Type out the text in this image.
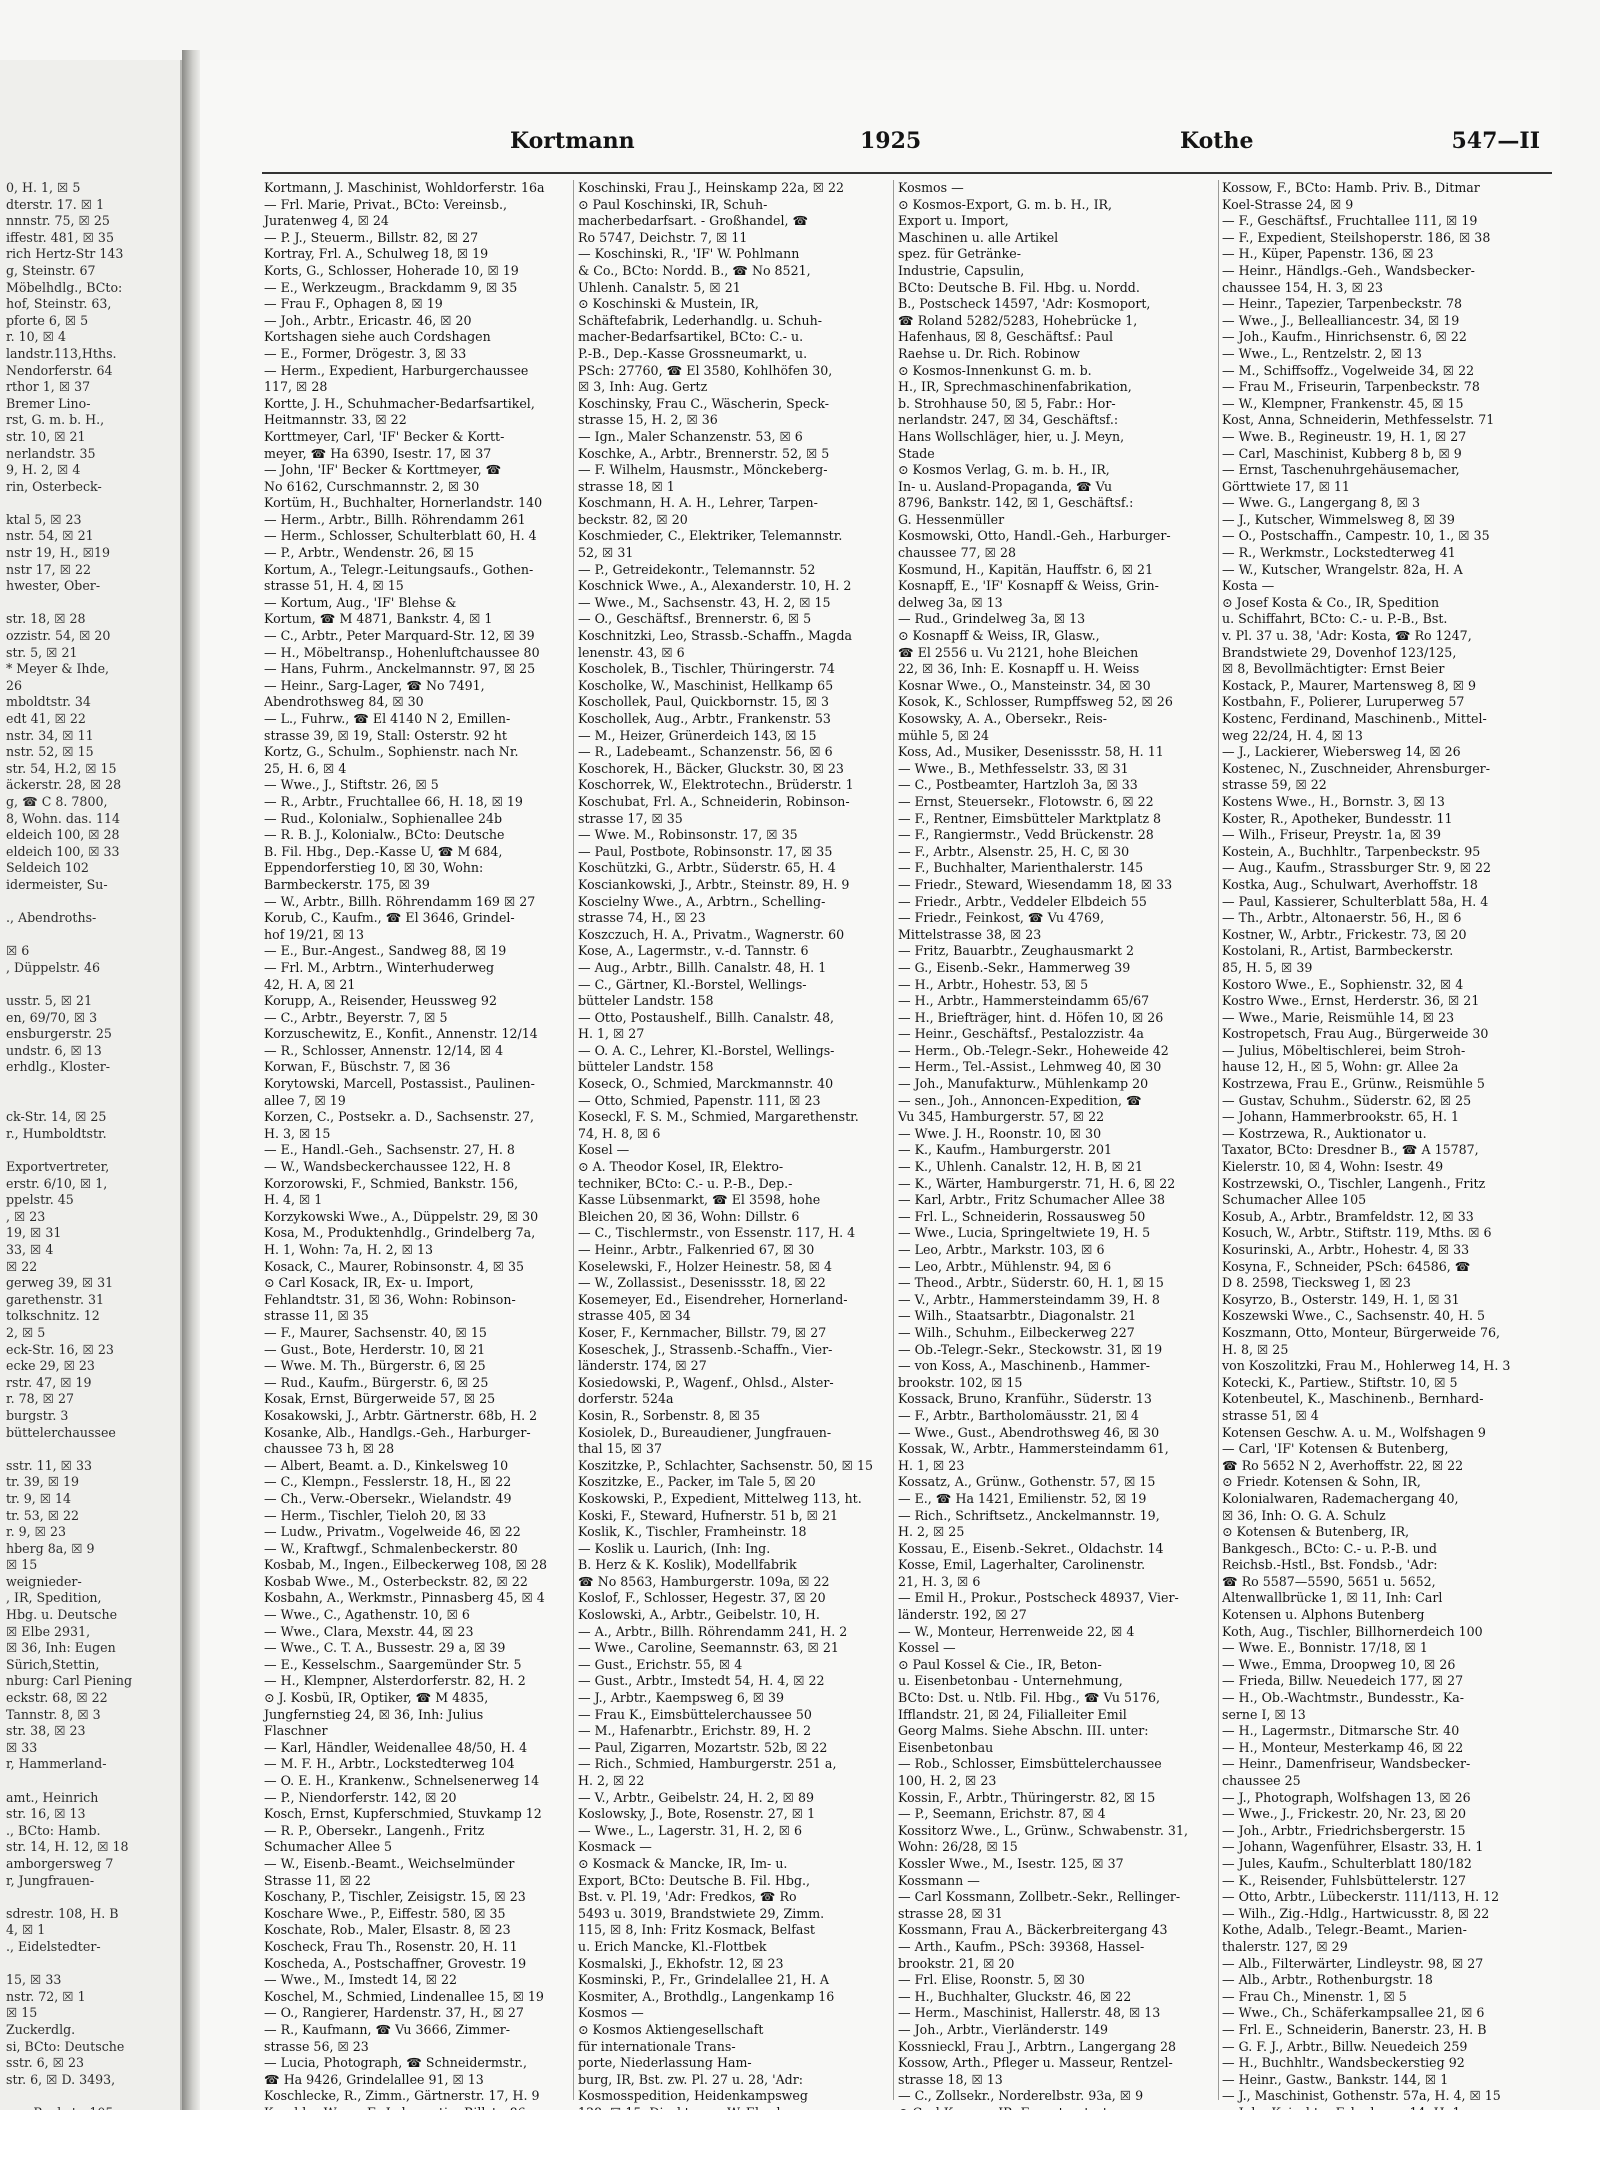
0, H. 1, ☒ 5
dterstr. 17. ☒ 1
nnnstr. 75, ☒ 25
iffestr. 481, ☒ 35
rich Hertz-Str 143
g, Steinstr. 67
Möbelhdlg., BCto:
hof, Steinstr. 63,
pforte 6, ☒ 5
r. 10, ☒ 4
landstr.113,Hths.
Nendorferstr. 64
rthor 1, ☒ 37
Bremer Lino-
rst, G. m. b. H.,
str. 10, ☒ 21
nerlandstr. 35
9, H. 2, ☒ 4
rin, Osterbeck-

ktal 5, ☒ 23
nstr. 54, ☒ 21
nstr 19, H., ☒19
nstr 17, ☒ 22
hwester, Ober-

str. 18, ☒ 28
ozzistr. 54, ☒ 20
str. 5, ☒ 21
* Meyer & Ihde,
26
mboldtstr. 34
edt 41, ☒ 22
nstr. 34, ☒ 11
nstr. 52, ☒ 15
str. 54, H.2, ☒ 15
äckerstr. 28, ☒ 28
g, ☎ C 8. 7800,
8, Wohn. das. 114
eldeich 100, ☒ 28
eldeich 100, ☒ 33
Seldeich 102
idermeister, Su-

., Abendroths-

☒ 6
, Düppelstr. 46

usstr. 5, ☒ 21
en, 69/70, ☒ 3
ensburgerstr. 25
undstr. 6, ☒ 13
erhdlg., Kloster-

ck-Str. 14, ☒ 25
r., Humboldtstr.

Exportvertreter,
erstr. 6/10, ☒ 1,
ppelstr. 45
, ☒ 23
19, ☒ 31
33, ☒ 4
☒ 22
gerweg 39, ☒ 31
garethenstr. 31
tolkschnitz. 12
2, ☒ 5
eck-Str. 16, ☒ 23
ecke 29, ☒ 23
rstr. 47, ☒ 19
r. 78, ☒ 27
burgstr. 3
büttelerchaussee

sstr. 11, ☒ 33
tr. 39, ☒ 19
tr. 9, ☒ 14
tr. 53, ☒ 22
r. 9, ☒ 23
hberg 8a, ☒ 9
☒ 15
weignieder-
, IR, Spedition,
Hbg. u. Deutsche
☒ Elbe 2931,
☒ 36, Inh: Eugen
Sürich,Stettin,
nburg: Carl Piening
eckstr. 68, ☒ 22
Tannstr. 8, ☒ 3
str. 38, ☒ 23
☒ 33
r, Hammerland-

amt., Heinrich
str. 16, ☒ 13
., BCto: Hamb.
str. 14, H. 12, ☒ 18
amborgersweg 7
r, Jungfrauen-

sdrestr. 108, H. B
4, ☒ 1
., Eidelstedter-

15, ☒ 33
nstr. 72, ☒ 1
☒ 15
Zuckerdlg.
si, BCto: Deutsche
sstr. 6, ☒ 23
str. 6, ☒ D. 3493,

Kortmann	1925	Kothe	547—II
Kortmann, J. Maschinist, Wohldorferstr. 16a
— Frl. Marie, Privat., BCto: Vereinsb.,
Juratenweg 4, ☒ 24
— P. J., Steuerm., Billstr. 82, ☒ 27
Kortray, Frl. A., Schulweg 18, ☒ 19
Korts, G., Schlosser, Hoherade 10, ☒ 19
— E., Werkzeugm., Brackdamm 9, ☒ 35
— Frau F., Ophagen 8, ☒ 19
— Joh., Arbtr., Ericastr. 46, ☒ 20
Kortshagen siehe auch Cordshagen
— E., Former, Drögestr. 3, ☒ 33
— Herm., Expedient, Harburgerchaussee
117, ☒ 28
Kortte, J. H., Schuhmacher-Bedarfsartikel,
Heitmannstr. 33, ☒ 22
Korttmeyer, Carl, 'IF' Becker & Kortt-
meyer, ☎ Ha 6390, Isestr. 17, ☒ 37
— John, 'IF' Becker & Korttmeyer, ☎
No 6162, Curschmannstr. 2, ☒ 30
Kortüm, H., Buchhalter, Hornerlandstr. 140
— Herm., Arbtr., Billh. Röhrendamm 261
— Herm., Schlosser, Schulterblatt 60, H. 4
— P., Arbtr., Wendenstr. 26, ☒ 15
Kortum, A., Telegr.-Leitungsaufs., Gothen-
strasse 51, H. 4, ☒ 15
— Kortum, Aug., 'IF' Blehse &
Kortum, ☎ M 4871, Bankstr. 4, ☒ 1
— C., Arbtr., Peter Marquard-Str. 12, ☒ 39
— H., Möbeltransp., Hohenluftchaussee 80
— Hans, Fuhrm., Anckelmannstr. 97, ☒ 25
— Heinr., Sarg-Lager, ☎ No 7491,
Abendrothsweg 84, ☒ 30
— L., Fuhrw., ☎ El 4140 N 2, Emillen-
strasse 39, ☒ 19, Stall: Osterstr. 92 ht
Kortz, G., Schulm., Sophienstr. nach Nr.
25, H. 6, ☒ 4
— Wwe., J., Stiftstr. 26, ☒ 5
— R., Arbtr., Fruchtallee 66, H. 18, ☒ 19
— Rud., Kolonialw., Sophienallee 24b
— R. B. J., Kolonialw., BCto: Deutsche
B. Fil. Hbg., Dep.-Kasse U, ☎ M 684,
Eppendorferstieg 10, ☒ 30, Wohn:
Barmbeckerstr. 175, ☒ 39
— W., Arbtr., Billh. Röhrendamm 169 ☒ 27
Korub, C., Kaufm., ☎ El 3646, Grindel-
hof 19/21, ☒ 13
— E., Bur.-Angest., Sandweg 88, ☒ 19
— Frl. M., Arbtrn., Winterhuderweg
42, H. A, ☒ 21
Korupp, A., Reisender, Heussweg 92
— C., Arbtr., Beyerstr. 7, ☒ 5
Korzuschewitz, E., Konfit., Annenstr. 12/14
— R., Schlosser, Annenstr. 12/14, ☒ 4
Korwan, F., Büschstr. 7, ☒ 36
Korytowski, Marcell, Postassist., Paulinen-
allee 7, ☒ 19
Korzen, C., Postsekr. a. D., Sachsenstr. 27,
H. 3, ☒ 15
— E., Handl.-Geh., Sachsenstr. 27, H. 8
— W., Wandsbeckerchaussee 122, H. 8
Korzorowski, F., Schmied, Bankstr. 156,
H. 4, ☒ 1
Korzykowski Wwe., A., Düppelstr. 29, ☒ 30
Kosa, M., Produktenhdlg., Grindelberg 7a,
H. 1, Wohn: 7a, H. 2, ☒ 13
Kosack, C., Maurer, Robinsonstr. 4, ☒ 35
⊙ Carl Kosack, IR, Ex- u. Import,
Fehlandtstr. 31, ☒ 36, Wohn: Robinson-
strasse 11, ☒ 35
— F., Maurer, Sachsenstr. 40, ☒ 15
— Gust., Bote, Herderstr. 10, ☒ 21
— Wwe. M. Th., Bürgerstr. 6, ☒ 25
— Rud., Kaufm., Bürgerstr. 6, ☒ 25
Kosak, Ernst, Bürgerweide 57, ☒ 25
Kosakowski, J., Arbtr. Gärtnerstr. 68b, H. 2
Kosanke, Alb., Handlgs.-Geh., Harburger-
chaussee 73 h, ☒ 28
— Albert, Beamt. a. D., Kinkelsweg 10
— C., Klempn., Fesslerstr. 18, H., ☒ 22
— Ch., Verw.-Obersekr., Wielandstr. 49
— Herm., Tischler, Tieloh 20, ☒ 33
— Ludw., Privatm., Vogelweide 46, ☒ 22
— W., Kraftwgf., Schmalenbeckerstr. 80
Kosbab, M., Ingen., Eilbeckerweg 108, ☒ 28
Kosbab Wwe., M., Osterbeckstr. 82, ☒ 22
Kosbahn, A., Werkmstr., Pinnasberg 45, ☒ 4
— Wwe., C., Agathenstr. 10, ☒ 6
— Wwe., Clara, Mexstr. 44, ☒ 23
— Wwe., C. T. A., Bussestr. 29 a, ☒ 39
— E., Kesselschm., Saargemünder Str. 5
— H., Klempner, Alsterdorferstr. 82, H. 2
⊙ J. Kosbü, IR, Optiker, ☎ M 4835,
Jungfernstieg 24, ☒ 36, Inh: Julius
Flaschner
— Karl, Händler, Weidenallee 48/50, H. 4
— M. F. H., Arbtr., Lockstedterweg 104
— O. E. H., Krankenw., Schnelsenerweg 14
— P., Niendorferstr. 142, ☒ 20
Kosch, Ernst, Kupferschmied, Stuvkamp 12
— R. P., Obersekr., Langenh., Fritz
Schumacher Allee 5
— W., Eisenb.-Beamt., Weichselmünder
Strasse 11, ☒ 22
Koschany, P., Tischler, Zeisigstr. 15, ☒ 23
Koschare Wwe., P., Eiffestr. 580, ☒ 35
Koschate, Rob., Maler, Elsastr. 8, ☒ 23
Koscheck, Frau Th., Rosenstr. 20, H. 11
Koscheda, A., Postschaffner, Grovestr. 19
— Wwe., M., Imstedt 14, ☒ 22
Koschel, M., Schmied, Lindenallee 15, ☒ 19
— O., Rangierer, Hardenstr. 37, H., ☒ 27
— R., Kaufmann, ☎ Vu 3666, Zimmer-
strasse 56, ☒ 23
— Lucia, Photograph, ☎ Schneidermstr.,
☎ Ha 9426, Grindelallee 91, ☒ 13
Koschlecke, R., Zimm., Gärtnerstr. 17, H. 9
Koschinski, Frau J., Heinskamp 22a, ☒ 22
⊙ Paul Koschinski, IR, Schuh-
macherbedarfsart. - Großhandel, ☎
Ro 5747, Deichstr. 7, ☒ 11
— Koschinski, R., 'IF' W. Pohlmann
& Co., BCto: Nordd. B., ☎ No 8521,
Uhlenh. Canalstr. 5, ☒ 21
⊙ Koschinski & Mustein, IR,
Schäftefabrik, Lederhandlg. u. Schuh-
macher-Bedarfsartikel, BCto: C.- u.
P.-B., Dep.-Kasse Grossneumarkt, u.
PSch: 27760, ☎ El 3580, Kohlhöfen 30,
☒ 3, Inh: Aug. Gertz
Koschinsky, Frau C., Wäscherin, Speck-
strasse 15, H. 2, ☒ 36
— Ign., Maler Schanzenstr. 53, ☒ 6
Koschke, A., Arbtr., Brennerstr. 52, ☒ 5
— F. Wilhelm, Hausmstr., Mönckeberg-
strasse 18, ☒ 1
Koschmann, H. A. H., Lehrer, Tarpen-
beckstr. 82, ☒ 20
Koschmieder, C., Elektriker, Telemannstr.
52, ☒ 31
— P., Getreidekontr., Telemannstr. 52
Koschnick Wwe., A., Alexanderstr. 10, H. 2
— Wwe., M., Sachsenstr. 43, H. 2, ☒ 15
— O., Geschäftsf., Brennerstr. 6, ☒ 5
Koschnitzki, Leo, Strassb.-Schaffn., Magda
lenenstr. 43, ☒ 6
Koscholek, B., Tischler, Thüringerstr. 74
Koscholke, W., Maschinist, Hellkamp 65
Koschollek, Paul, Quickbornstr. 15, ☒ 3
Koschollek, Aug., Arbtr., Frankenstr. 53
— M., Heizer, Grünerdeich 143, ☒ 15
— R., Ladebeamt., Schanzenstr. 56, ☒ 6
Koschorek, H., Bäcker, Gluckstr. 30, ☒ 23
Koschorrek, W., Elektrotechn., Brüderstr. 1
Koschubat, Frl. A., Schneiderin, Robinson-
strasse 17, ☒ 35
— Wwe. M., Robinsonstr. 17, ☒ 35
— Paul, Postbote, Robinsonstr. 17, ☒ 35
Koschützki, G., Arbtr., Süderstr. 65, H. 4
Kosciankowski, J., Arbtr., Steinstr. 89, H. 9
Koscielny Wwe., A., Arbtrn., Schelling-
strasse 74, H., ☒ 23
Koszczuch, H. A., Privatm., Wagnerstr. 60
Kose, A., Lagermstr., v.-d. Tannstr. 6
— Aug., Arbtr., Billh. Canalstr. 48, H. 1
— C., Gärtner, Kl.-Borstel, Wellings-
bütteler Landstr. 158
— Otto, Postaushelf., Billh. Canalstr. 48,
H. 1, ☒ 27
— O. A. C., Lehrer, Kl.-Borstel, Wellings-
bütteler Landstr. 158
Koseck, O., Schmied, Marckmannstr. 40
— Otto, Schmied, Papenstr. 111, ☒ 23
Koseckl, F. S. M., Schmied, Margarethenstr.
74, H. 8, ☒ 6
Kosel —
⊙ A. Theodor Kosel, IR, Elektro-
techniker, BCto: C.- u. P.-B., Dep.-
Kasse Lübsenmarkt, ☎ El 3598, hohe
Bleichen 20, ☒ 36, Wohn: Dillstr. 6
— C., Tischlermstr., von Essenstr. 117, H. 4
— Heinr., Arbtr., Falkenried 67, ☒ 30
Koselewski, F., Holzer Heinestr. 58, ☒ 4
— W., Zollassist., Desenissstr. 18, ☒ 22
Kosemeyer, Ed., Eisendreher, Hornerland-
strasse 405, ☒ 34
Koser, F., Kernmacher, Billstr. 79, ☒ 27
Koseschek, J., Strassenb.-Schaffn., Vier-
länderstr. 174, ☒ 27
Kosiedowski, P., Wagenf., Ohlsd., Alster-
dorferstr. 524a
Kosin, R., Sorbenstr. 8, ☒ 35
Kosiolek, D., Bureaudiener, Jungfrauen-
thal 15, ☒ 37
Koszitzke, P., Schlachter, Sachsenstr. 50, ☒ 15
Koszitzke, E., Packer, im Tale 5, ☒ 20
Koskowski, P., Expedient, Mittelweg 113, ht.
Koski, F., Steward, Hufnerstr. 51 b, ☒ 21
Koslik, K., Tischler, Framheinstr. 18
— Koslik u. Laurich, (Inh: Ing.
B. Herz & K. Koslik), Modellfabrik
☎ No 8563, Hamburgerstr. 109a, ☒ 22
Koslof, F., Schlosser, Hegestr. 37, ☒ 20
Koslowski, A., Arbtr., Geibelstr. 10, H.
— A., Arbtr., Billh. Röhrendamm 241, H. 2
— Wwe., Caroline, Seemannstr. 63, ☒ 21
— Gust., Erichstr. 55, ☒ 4
— Gust., Arbtr., Imstedt 54, H. 4, ☒ 22
— J., Arbtr., Kaempsweg 6, ☒ 39
— Frau K., Eimsbüttelerchaussee 50
— M., Hafenarbtr., Erichstr. 89, H. 2
— Paul, Zigarren, Mozartstr. 52b, ☒ 22
— Rich., Schmied, Hamburgerstr. 251 a,
H. 2, ☒ 22
— V., Arbtr., Geibelstr. 24, H. 2, ☒ 89
Koslowsky, J., Bote, Rosenstr. 27, ☒ 1
— Wwe., L., Lagerstr. 31, H. 2, ☒ 6
Kosmack —
⊙ Kosmack & Mancke, IR, Im- u.
Export, BCto: Deutsche B. Fil. Hbg.,
Bst. v. Pl. 19, 'Adr: Fredkos, ☎ Ro
5493 u. 3019, Brandstwiete 29, Zimm.
115, ☒ 8, Inh: Fritz Kosmack, Belfast
u. Erich Mancke, Kl.-Flottbek
Kosmalski, J., Ekhofstr. 12, ☒ 23
Kosminski, P., Fr., Grindelallee 21, H. A
Kosmiter, A., Brothdlg., Langenkamp 16
Kosmos —
⊙ Kosmos Aktiengesellschaft
für internationale Trans-
porte, Niederlassung Ham-
burg, IR, Bst. zw. Pl. 27 u. 28, 'Adr:
Kosmosspedition, Heidenkampsweg
Kosmos —
⊙ Kosmos-Export, G. m. b. H., IR,
Export u. Import,
Maschinen u. alle Artikel
spez. für Getränke-
Industrie, Capsulin,
BCto: Deutsche B. Fil. Hbg. u. Nordd.
B., Postscheck 14597, 'Adr: Kosmoport,
☎ Roland 5282/5283, Hohebrücke 1,
Hafenhaus, ☒ 8, Geschäftsf.: Paul
Raehse u. Dr. Rich. Robinow
⊙ Kosmos-Innenkunst G. m. b.
H., IR, Sprechmaschinenfabrikation,
b. Strohhause 50, ☒ 5, Fabr.: Hor-
nerlandstr. 247, ☒ 34, Geschäftsf.:
Hans Wollschläger, hier, u. J. Meyn,
Stade
⊙ Kosmos Verlag, G. m. b. H., IR,
In- u. Ausland-Propaganda, ☎ Vu
8796, Bankstr. 142, ☒ 1, Geschäftsf.:
G. Hessenmüller
Kosmowski, Otto, Handl.-Geh., Harburger-
chaussee 77, ☒ 28
Kosmund, H., Kapitän, Hauffstr. 6, ☒ 21
Kosnapff, E., 'IF' Kosnapff & Weiss, Grin-
delweg 3a, ☒ 13
— Rud., Grindelweg 3a, ☒ 13
⊙ Kosnapff & Weiss, IR, Glasw.,
☎ El 2556 u. Vu 2121, hohe Bleichen
22, ☒ 36, Inh: E. Kosnapff u. H. Weiss
Kosnar Wwe., O., Mansteinstr. 34, ☒ 30
Kosok, K., Schlosser, Rumpffsweg 52, ☒ 26
Kosowsky, A. A., Obersekr., Reis-
mühle 5, ☒ 24
Koss, Ad., Musiker, Desenissstr. 58, H. 11
— Wwe., B., Methfesselstr. 33, ☒ 31
— C., Postbeamter, Hartzloh 3a, ☒ 33
— Ernst, Steuersekr., Flotowstr. 6, ☒ 22
— F., Rentner, Eimsbütteler Marktplatz 8
— F., Rangiermstr., Vedd Brückenstr. 28
— F., Arbtr., Alsenstr. 25, H. C, ☒ 30
— F., Buchhalter, Marienthalerstr. 145
— Friedr., Steward, Wiesendamm 18, ☒ 33
— Friedr., Arbtr., Veddeler Elbdeich 55
— Friedr., Feinkost, ☎ Vu 4769,
Mittelstrasse 38, ☒ 23
— Fritz, Bauarbtr., Zeughausmarkt 2
— G., Eisenb.-Sekr., Hammerweg 39
— H., Arbtr., Hohestr. 53, ☒ 5
— H., Arbtr., Hammersteindamm 65/67
— H., Briefträger, hint. d. Höfen 10, ☒ 26
— Heinr., Geschäftsf., Pestalozzistr. 4a
— Herm., Ob.-Telegr.-Sekr., Hoheweide 42
— Herm., Tel.-Assist., Lehmweg 40, ☒ 30
— Joh., Manufakturw., Mühlenkamp 20
— sen., Joh., Annoncen-Expedition, ☎
Vu 345, Hamburgerstr. 57, ☒ 22
— Wwe. J. H., Roonstr. 10, ☒ 30
— K., Kaufm., Hamburgerstr. 201
— K., Uhlenh. Canalstr. 12, H. B, ☒ 21
— K., Wärter, Hamburgerstr. 71, H. 6, ☒ 22
— Karl, Arbtr., Fritz Schumacher Allee 38
— Frl. L., Schneiderin, Rossausweg 50
— Wwe., Lucia, Springeltwiete 19, H. 5
— Leo, Arbtr., Markstr. 103, ☒ 6
— Leo, Arbtr., Mühlenstr. 94, ☒ 6
— Theod., Arbtr., Süderstr. 60, H. 1, ☒ 15
— V., Arbtr., Hammersteindamm 39, H. 8
— Wilh., Staatsarbtr., Diagonalstr. 21
— Wilh., Schuhm., Eilbeckerweg 227
— Ob.-Telegr.-Sekr., Steckowstr. 31, ☒ 19
— von Koss, A., Maschinenb., Hammer-
brookstr. 102, ☒ 15
Kossack, Bruno, Kranführ., Süderstr. 13
— F., Arbtr., Bartholomäusstr. 21, ☒ 4
— Wwe., Gust., Abendrothsweg 46, ☒ 30
Kossak, W., Arbtr., Hammersteindamm 61,
H. 1, ☒ 23
Kossatz, A., Grünw., Gothenstr. 57, ☒ 15
— E., ☎ Ha 1421, Emilienstr. 52, ☒ 19
— Rich., Schriftsetz., Anckelmannstr. 19,
H. 2, ☒ 25
Kossau, E., Eisenb.-Sekret., Oldachstr. 14
Kosse, Emil, Lagerhalter, Carolinenstr.
21, H. 3, ☒ 6
— Emil H., Prokur., Postscheck 48937, Vier-
länderstr. 192, ☒ 27
— W., Monteur, Herrenweide 22, ☒ 4
Kossel —
⊙ Paul Kossel & Cie., IR, Beton-
u. Eisenbetonbau - Unternehmung,
BCto: Dst. u. Ntlb. Fil. Hbg., ☎ Vu 5176,
Ifflandstr. 21, ☒ 24, Filialleiter Emil
Georg Malms. Siehe Abschn. III. unter:
Eisenbetonbau
— Rob., Schlosser, Eimsbüttelerchaussee
100, H. 2, ☒ 23
Kossin, F., Arbtr., Thüringerstr. 82, ☒ 15
— P., Seemann, Erichstr. 87, ☒ 4
Kossitorz Wwe., L., Grünw., Schwabenstr. 31,
Wohn: 26/28, ☒ 15
Kossler Wwe., M., Isestr. 125, ☒ 37
Kossmann —
— Carl Kossmann, Zollbetr.-Sekr., Rellinger-
strasse 28, ☒ 31
Kossmann, Frau A., Bäckerbreitergang 43
— Arth., Kaufm., PSch: 39368, Hassel-
brookstr. 21, ☒ 20
— Frl. Elise, Roonstr. 5, ☒ 30
— H., Buchhalter, Gluckstr. 46, ☒ 22
— Herm., Maschinist, Hallerstr. 48, ☒ 13
— Joh., Arbtr., Vierländerstr. 149
Kossnieckl, Frau J., Arbtrn., Langergang 28
Kossow, Arth., Pfleger u. Masseur, Rentzel-
strasse 18, ☒ 13
— C., Zollsekr., Norderelbstr. 93a, ☒ 9
Kossow, F., BCto: Hamb. Priv. B., Ditmar
Koel-Strasse 24, ☒ 9
— F., Geschäftsf., Fruchtallee 111, ☒ 19
— F., Expedient, Steilshoperstr. 186, ☒ 38
— H., Küper, Papenstr. 136, ☒ 23
— Heinr., Händlgs.-Geh., Wandsbecker-
chaussee 154, H. 3, ☒ 23
— Heinr., Tapezier, Tarpenbeckstr. 78
— Wwe., J., Bellealliancestr. 34, ☒ 19
— Joh., Kaufm., Hinrichsenstr. 6, ☒ 22
— Wwe., L., Rentzelstr. 2, ☒ 13
— M., Schiffsoffz., Vogelweide 34, ☒ 22
— Frau M., Friseurin, Tarpenbeckstr. 78
— W., Klempner, Frankenstr. 45, ☒ 15
Kost, Anna, Schneiderin, Methfesselstr. 71
— Wwe. B., Regineustr. 19, H. 1, ☒ 27
— Carl, Maschinist, Kubberg 8 b, ☒ 9
— Ernst, Taschenuhrgehäusemacher,
Görttwiete 17, ☒ 11
— Wwe. G., Langergang 8, ☒ 3
— J., Kutscher, Wimmelsweg 8, ☒ 39
— O., Postschaffn., Campestr. 10, 1., ☒ 35
— R., Werkmstr., Lockstedterweg 41
— W., Kutscher, Wrangelstr. 82a, H. A
Kosta —
⊙ Josef Kosta & Co., IR, Spedition
u. Schiffahrt, BCto: C.- u. P.-B., Bst.
v. Pl. 37 u. 38, 'Adr: Kosta, ☎ Ro 1247,
Brandstwiete 29, Dovenhof 123/125,
☒ 8, Bevollmächtigter: Ernst Beier
Kostack, P., Maurer, Martensweg 8, ☒ 9
Kostbahn, F., Polierer, Luruperweg 57
Kostenc, Ferdinand, Maschinenb., Mittel-
weg 22/24, H. 4, ☒ 13
— J., Lackierer, Wiebersweg 14, ☒ 26
Kostenec, N., Zuschneider, Ahrensburger-
strasse 59, ☒ 22
Kostens Wwe., H., Bornstr. 3, ☒ 13
Koster, R., Apotheker, Bundesstr. 11
— Wilh., Friseur, Preystr. 1a, ☒ 39
Kostein, A., Buchhltr., Tarpenbeckstr. 95
— Aug., Kaufm., Strassburger Str. 9, ☒ 22
Kostka, Aug., Schulwart, Averhoffstr. 18
— Paul, Kassierer, Schulterblatt 58a, H. 4
— Th., Arbtr., Altonaerstr. 56, H., ☒ 6
Kostner, W., Arbtr., Frickestr. 73, ☒ 20
Kostolani, R., Artist, Barmbeckerstr.
85, H. 5, ☒ 39
Kostoro Wwe., E., Sophienstr. 32, ☒ 4
Kostro Wwe., Ernst, Herderstr. 36, ☒ 21
— Wwe., Marie, Reismühle 14, ☒ 23
Kostropetsch, Frau Aug., Bürgerweide 30
— Julius, Möbeltischlerei, beim Stroh-
hause 12, H., ☒ 5, Wohn: gr. Allee 2a
Kostrzewa, Frau E., Grünw., Reismühle 5
— Gustav, Schuhm., Süderstr. 62, ☒ 25
— Johann, Hammerbrookstr. 65, H. 1
— Kostrzewa, R., Auktionator u.
Taxator, BCto: Dresdner B., ☎ A 15787,
Kielerstr. 10, ☒ 4, Wohn: Isestr. 49
Kostrzewski, O., Tischler, Langenh., Fritz
Schumacher Allee 105
Kosub, A., Arbtr., Bramfeldstr. 12, ☒ 33
Kosuch, W., Arbtr., Stiftstr. 119, Mths. ☒ 6
Kosurinski, A., Arbtr., Hohestr. 4, ☒ 33
Kosyna, F., Schneider, PSch: 64586, ☎
D 8. 2598, Tiecksweg 1, ☒ 23
Kosyrzo, B., Osterstr. 149, H. 1, ☒ 31
Koszewski Wwe., C., Sachsenstr. 40, H. 5
Koszmann, Otto, Monteur, Bürgerweide 76,
H. 8, ☒ 25
von Koszolitzki, Frau M., Hohlerweg 14, H. 3
Kotecki, K., Partiew., Stiftstr. 10, ☒ 5
Kotenbeutel, K., Maschinenb., Bernhard-
strasse 51, ☒ 4
Kotensen Geschw. A. u. M., Wolfshagen 9
— Carl, 'IF' Kotensen & Butenberg,
☎ Ro 5652 N 2, Averhoffstr. 22, ☒ 22
⊙ Friedr. Kotensen & Sohn, IR,
Kolonialwaren, Rademachergang 40,
☒ 36, Inh: O. G. A. Schulz
⊙ Kotensen & Butenberg, IR,
Bankgesch., BCto: C.- u. P.-B. und
Reichsb.-Hstl., Bst. Fondsb., 'Adr:
☎ Ro 5587—5590, 5651 u. 5652,
Altenwallbrücke 1, ☒ 11, Inh: Carl
Kotensen u. Alphons Butenberg
Koth, Aug., Tischler, Billhornerdeich 100
— Wwe. E., Bonnistr. 17/18, ☒ 1
— Wwe., Emma, Droopweg 10, ☒ 26
— Frieda, Billw. Neuedeich 177, ☒ 27
— H., Ob.-Wachtmstr., Bundesstr., Ka-
serne I, ☒ 13
— H., Lagermstr., Ditmarsche Str. 40
— H., Monteur, Mesterkamp 46, ☒ 22
— Heinr., Damenfriseur, Wandsbecker-
chaussee 25
— J., Photograph, Wolfshagen 13, ☒ 26
— Wwe., J., Frickestr. 20, Nr. 23, ☒ 20
— Joh., Arbtr., Friedrichsbergerstr. 15
— Johann, Wagenführer, Elsastr. 33, H. 1
— Jules, Kaufm., Schulterblatt 180/182
— K., Reisender, Fuhlsbüttelerstr. 127
— Otto, Arbtr., Lübeckerstr. 111/113, H. 12
— Wilh., Zig.-Hdlg., Hartwicusstr. 8, ☒ 22
Kothe, Adalb., Telegr.-Beamt., Marien-
thalerstr. 127, ☒ 29
— Alb., Filterwärter, Lindleystr. 98, ☒ 27
— Alb., Arbtr., Rothenburgstr. 18
— Frau Ch., Minenstr. 1, ☒ 5
— Wwe., Ch., Schäferkampsallee 21, ☒ 6
— Frl. E., Schneiderin, Banerstr. 23, H. B
— G. F. J., Arbtr., Billw. Neuedeich 259
— H., Buchhltr., Wandsbeckerstieg 92
— Heinr., Gastw., Bankstr. 144, ☒ 1
— J., Maschinist, Gothenstr. 57a, H. 4, ☒ 15
